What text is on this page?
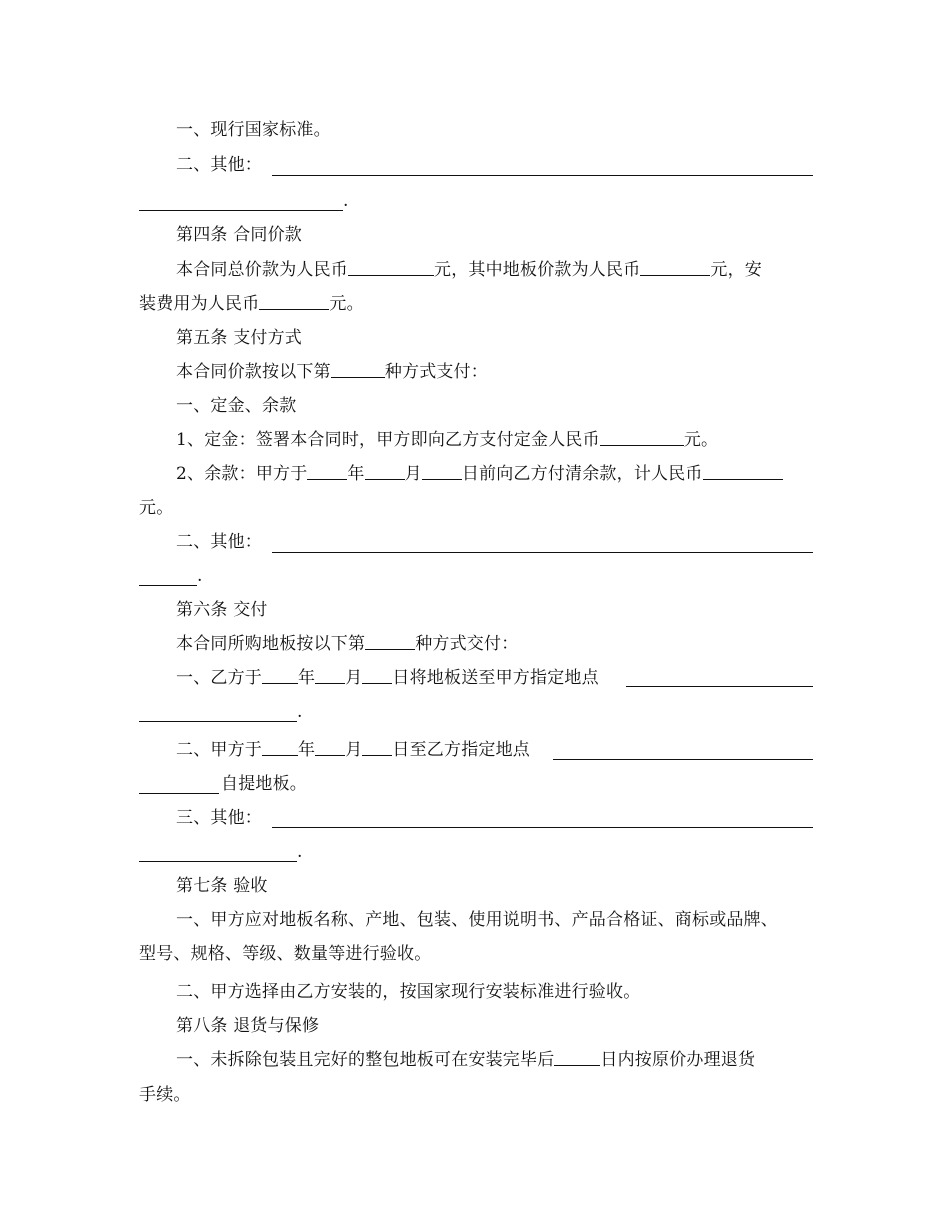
一、现行国家标准。
二、其他：
.
第四条 合同价款
本合同总价款为人民币	元，其中地板价款为人民币	元，安
装费用为人民币	元。
第五条 支付方式
本合同价款按以下第	种方式支付：
一、定金、余款
1、定金：签署本合同时，甲方即向乙方支付定金人民币	元。
2、余款：甲方于 年 月 日前向乙方付清余款，计人民币
元。
二、其他：
.
第六条 交付
本合同所购地板按以下第	种方式交付：
一、乙方于 年 月 日将地板送至甲方指定地点
.
二、甲方于 年 月 日至乙方指定地点
自提地板。
三、其他：
.
第七条 验收
一、甲方应对地板名称、产地、包装、使用说明书、产品合格证、商标或品牌、
型号、规格、等级、数量等进行验收。
二、甲方选择由乙方安装的，按国家现行安装标准进行验收。
第八条 退货与保修
一、未拆除包装且完好的整包地板可在安装完毕后	日内按原价办理退货
手续。
